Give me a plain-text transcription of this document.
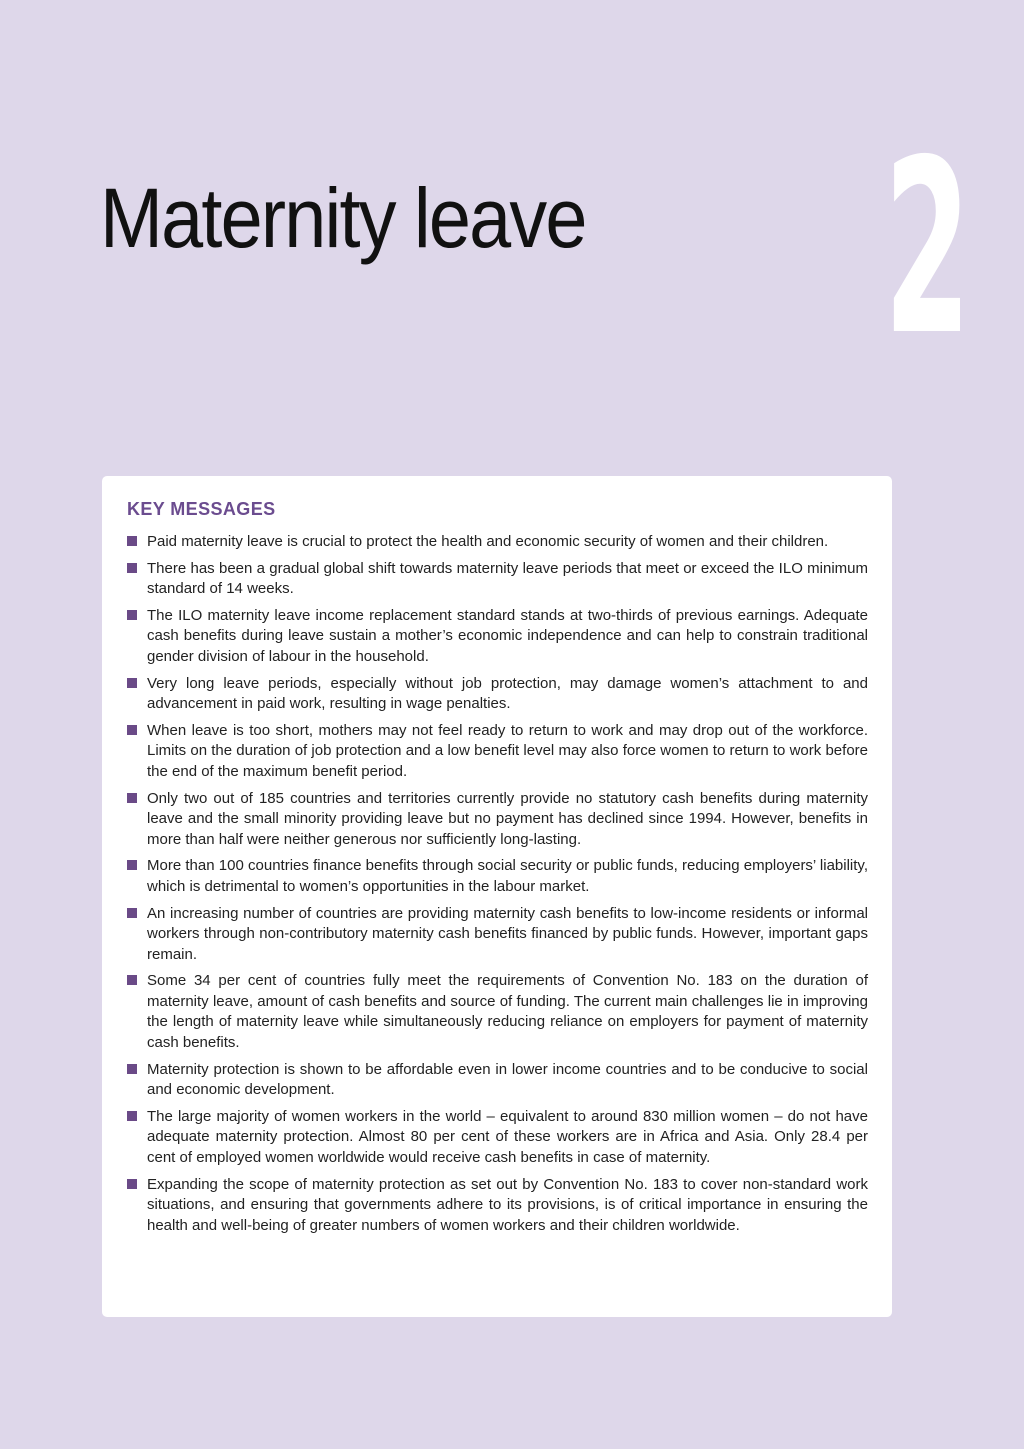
Maternity leave 2
KEY MESSAGES
Paid maternity leave is crucial to protect the health and economic security of women and their children.
There has been a gradual global shift towards maternity leave periods that meet or exceed the ILO minimum standard of 14 weeks.
The ILO maternity leave income replacement standard stands at two-thirds of previous earnings. Adequate cash benefits during leave sustain a mother’s economic independence and can help to constrain traditional gender division of labour in the household.
Very long leave periods, especially without job protection, may damage women’s attachment to and advancement in paid work, resulting in wage penalties.
When leave is too short, mothers may not feel ready to return to work and may drop out of the workforce. Limits on the duration of job protection and a low benefit level may also force women to return to work before the end of the maximum benefit period.
Only two out of 185 countries and territories currently provide no statutory cash benefits during maternity leave and the small minority providing leave but no payment has declined since 1994. However, benefits in more than half were neither generous nor sufficiently long-lasting.
More than 100 countries finance benefits through social security or public funds, reducing employers’ liability, which is detrimental to women’s opportunities in the labour market.
An increasing number of countries are providing maternity cash benefits to low-income residents or informal workers through non-contributory maternity cash benefits financed by public funds. However, important gaps remain.
Some 34 per cent of countries fully meet the requirements of Convention No. 183 on the duration of maternity leave, amount of cash benefits and source of funding. The current main challenges lie in improving the length of maternity leave while simultaneously reducing reliance on employers for payment of maternity cash benefits.
Maternity protection is shown to be affordable even in lower income countries and to be conducive to social and economic development.
The large majority of women workers in the world – equivalent to around 830 million women – do not have adequate maternity protection. Almost 80 per cent of these workers are in Africa and Asia. Only 28.4 per cent of employed women worldwide would receive cash benefits in case of maternity.
Expanding the scope of maternity protection as set out by Convention No. 183 to cover non-standard work situations, and ensuring that governments adhere to its provisions, is of critical importance in ensuring the health and well-being of greater numbers of women workers and their children worldwide.
